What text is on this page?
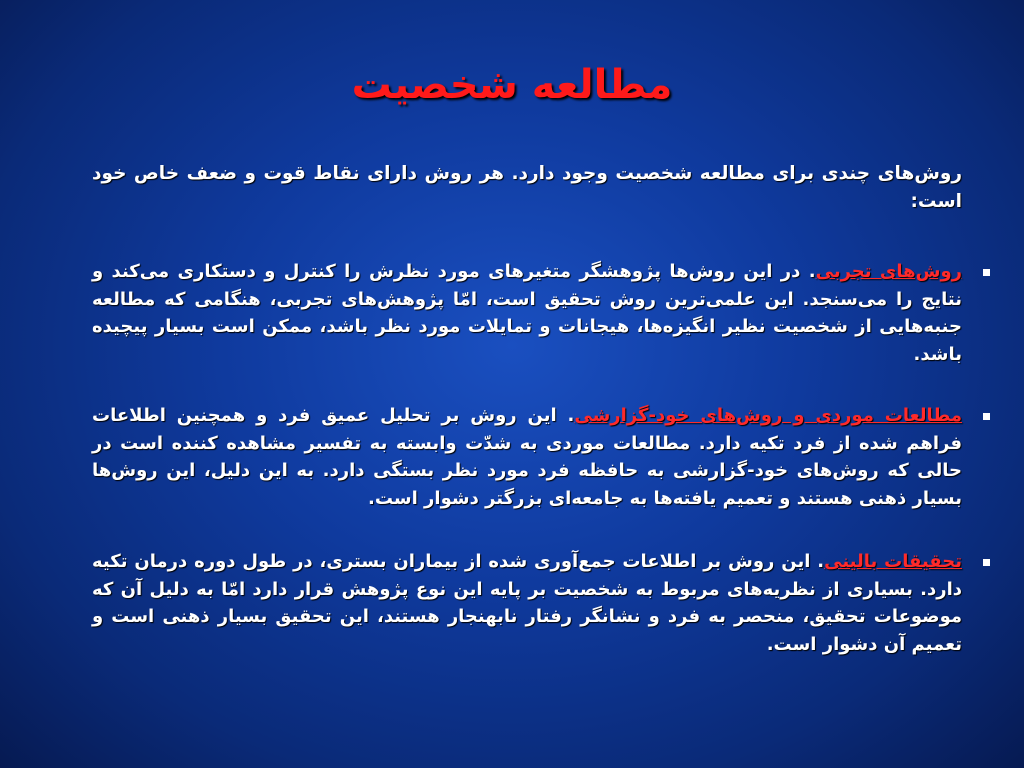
مطالعه شخصیت

روش‌های چندی برای مطالعه شخصیت وجود دارد. هر روش دارای نقاط قوت و ضعف خاص خود است:

روش‌های تجربی. در این روش‌ها پژوهشگر متغیرهای مورد نظرش را کنترل و دستکاری می‌کند و نتایج را می‌سنجد. این علمی‌ترین روش تحقیق است، امّا پژوهش‌های تجربی، هنگامی که مطالعه جنبه‌هایی از شخصیت نظیر انگیزه‌ها، هیجانات و تمایلات مورد نظر باشد، ممکن است بسیار پیچیده باشد.
مطالعات موردی و روش‌های خود-گزارشی. این روش بر تحلیل عمیق فرد و همچنین اطلاعات فراهم شده از فرد تکیه دارد. مطالعات موردی به شدّت وابسته به تفسیر مشاهده کننده است در حالی که روش‌های خود-گزارشی به حافظه فرد مورد نظر بستگی دارد. به این دلیل، این روش‌ها بسیار ذهنی هستند و تعمیم یافته‌ها به جامعه‌ای بزرگتر دشوار است.
تحقیقات بالینی. این روش بر اطلاعات جمع‌آوری شده از بیماران بستری، در طول دوره درمان تکیه دارد. بسیاری از نظریه‌های مربوط به شخصیت بر پایه این نوع پژوهش قرار دارد امّا به دلیل آن که موضوعات تحقیق، منحصر به فرد و نشانگر رفتار نابهنجار هستند، این تحقیق بسیار ذهنی است و تعمیم آن دشوار است.
